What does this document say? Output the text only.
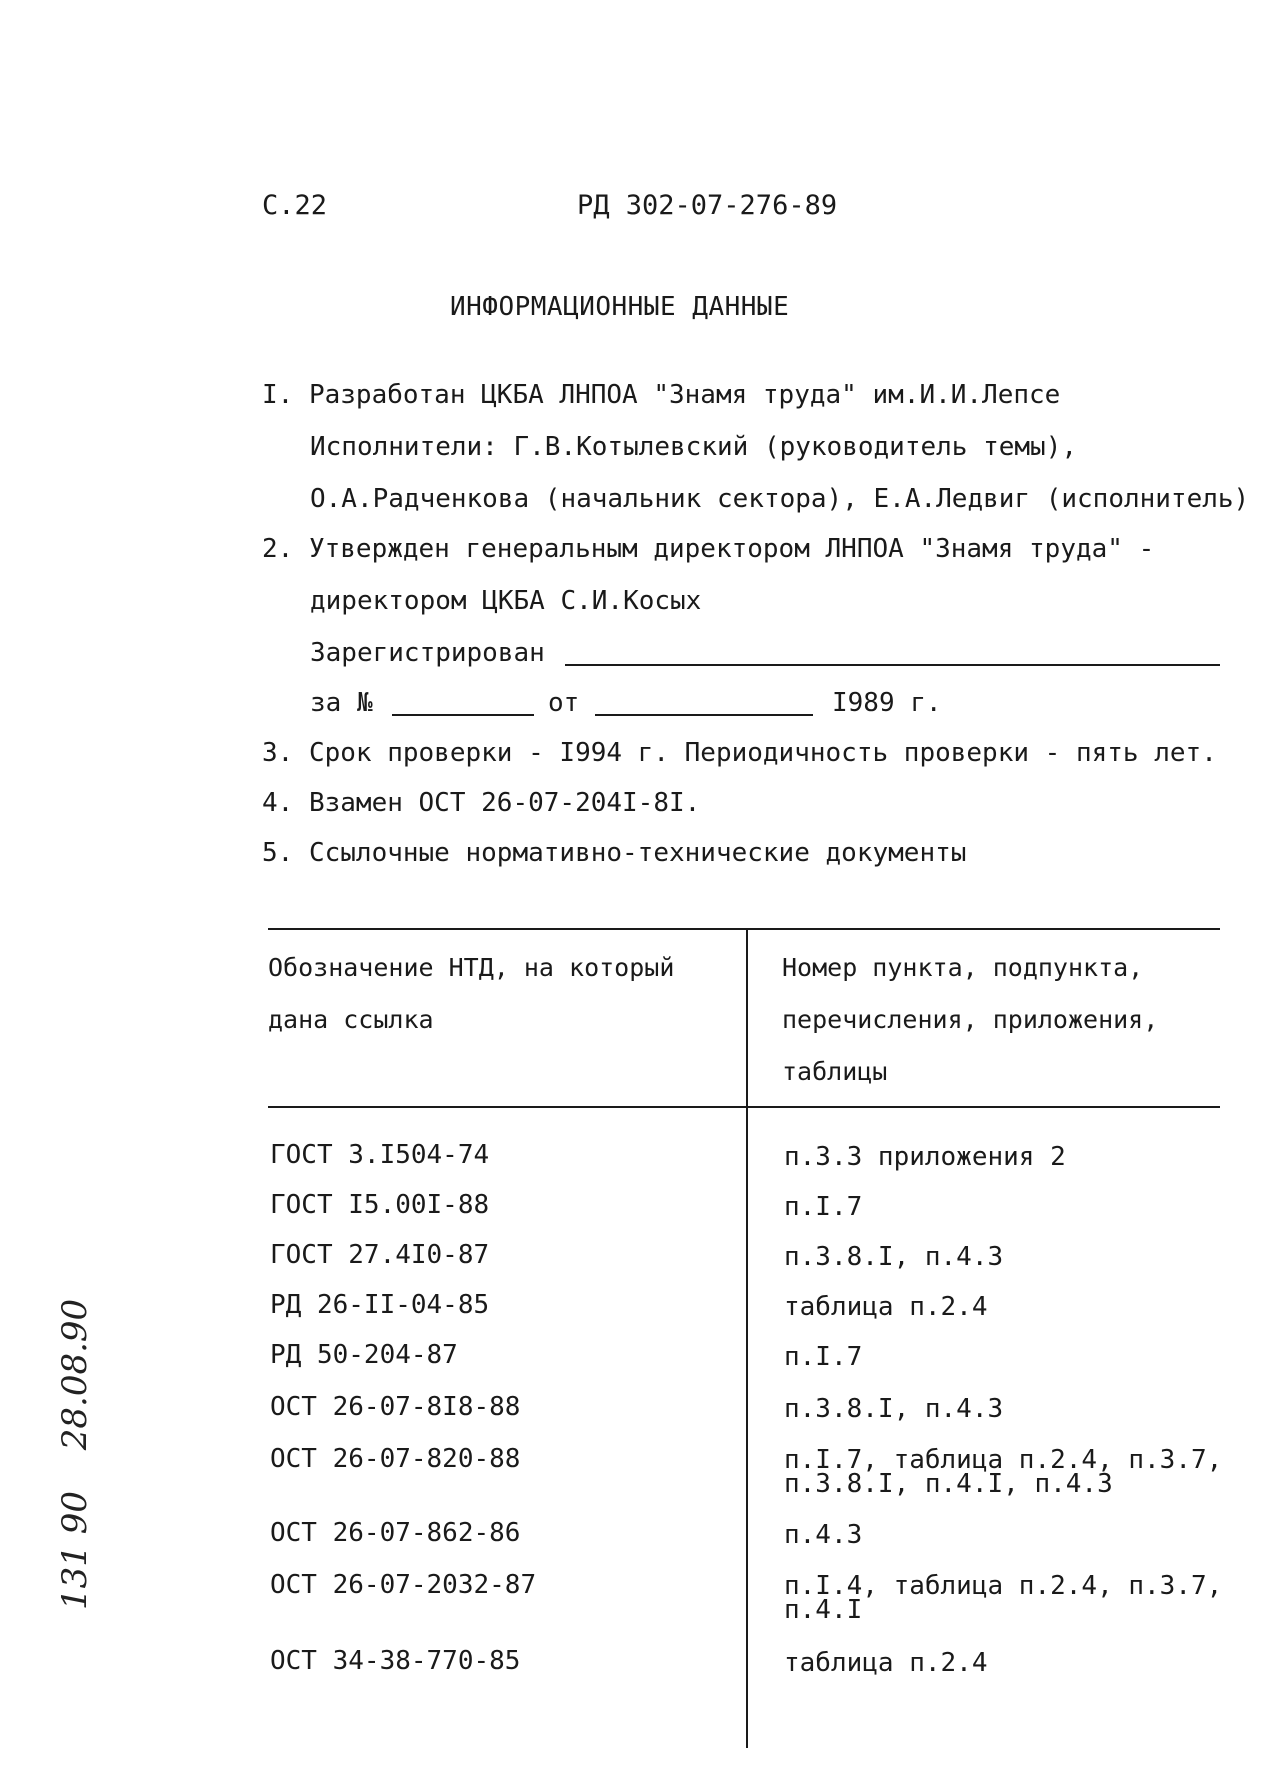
С.22	РД 302-07-276-89
ИНФОРМАЦИОННЫЕ ДАННЫЕ
I. Разработан ЦКБА ЛНПОА "Знамя труда" им.И.И.Лепсе
Исполнители: Г.В.Котылевский (руководитель темы),
О.А.Радченкова (начальник сектора), Е.А.Ледвиг (исполнитель)
2. Утвержден генеральным директором ЛНПОА "Знамя труда" -
директором ЦКБА С.И.Косых
Зарегистрирован
за №	от	I989 г.
3. Срок проверки - I994 г. Периодичность проверки - пять лет.
4. Взамен ОСТ 26-07-204I-8I.
5. Ссылочные нормативно-технические документы
Обозначение НТД, на который дана ссылка
Номер пункта, подпункта, перечисления, приложения, таблицы
ГОСТ 3.I504-74	п.3.3 приложения 2
ГОСТ I5.00I-88	п.I.7
ГОСТ 27.4I0-87	п.3.8.I, п.4.3
РД 26-II-04-85	таблица п.2.4
РД 50-204-87	п.I.7
ОСТ 26-07-8I8-88	п.3.8.I, п.4.3
ОСТ 26-07-820-88	п.I.7, таблица п.2.4, п.3.7, п.3.8.I, п.4.I, п.4.3
ОСТ 26-07-862-86	п.4.3
ОСТ 26-07-2032-87	п.I.4, таблица п.2.4, п.3.7, п.4.I
ОСТ 34-38-770-85	таблица п.2.4
131 90 28.08.90
